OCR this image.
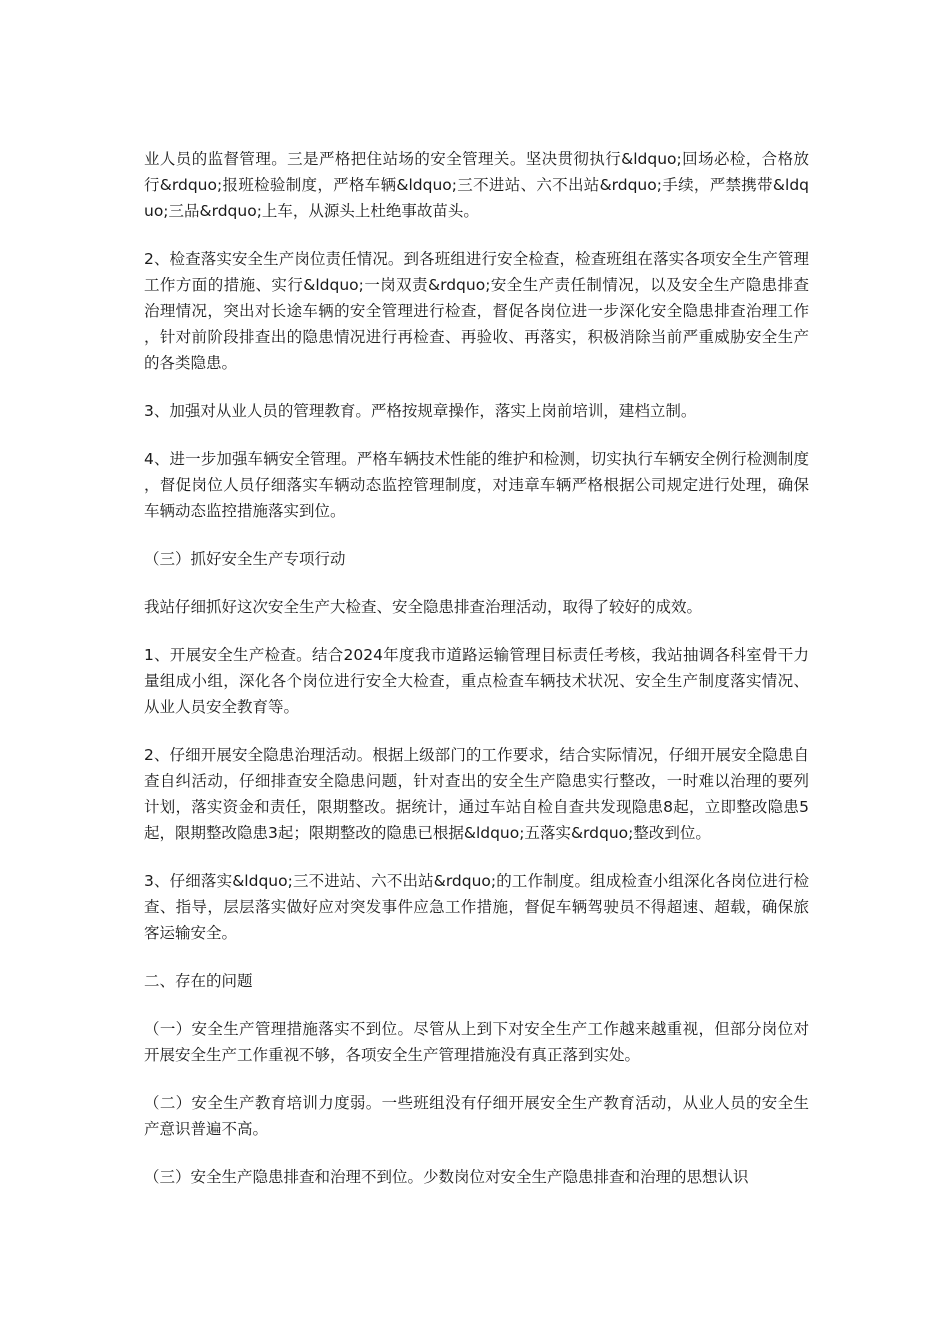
业人员的监督管理。三是严格把住站场的安全管理关。坚决贯彻执行&ldquo;回场必检，合格放行&rdquo;报班检验制度，严格车辆&ldquo;三不进站、六不出站&rdquo;手续，严禁携带&ldquo;三品&rdquo;上车，从源头上杜绝事故苗头。

2、检查落实安全生产岗位责任情况。到各班组进行安全检查，检查班组在落实各项安全生产管理工作方面的措施、实行&ldquo;一岗双责&rdquo;安全生产责任制情况，以及安全生产隐患排查治理情况，突出对长途车辆的安全管理进行检查，督促各岗位进一步深化安全隐患排查治理工作，针对前阶段排查出的隐患情况进行再检查、再验收、再落实，积极消除当前严重威胁安全生产的各类隐患。

3、加强对从业人员的管理教育。严格按规章操作，落实上岗前培训，建档立制。

4、进一步加强车辆安全管理。严格车辆技术性能的维护和检测，切实执行车辆安全例行检测制度，督促岗位人员仔细落实车辆动态监控管理制度，对违章车辆严格根据公司规定进行处理，确保车辆动态监控措施落实到位。

（三）抓好安全生产专项行动

我站仔细抓好这次安全生产大检查、安全隐患排查治理活动，取得了较好的成效。

1、开展安全生产检查。结合2024年度我市道路运输管理目标责任考核，我站抽调各科室骨干力量组成小组，深化各个岗位进行安全大检查，重点检查车辆技术状况、安全生产制度落实情况、从业人员安全教育等。

2、仔细开展安全隐患治理活动。根据上级部门的工作要求，结合实际情况，仔细开展安全隐患自查自纠活动，仔细排查安全隐患问题，针对查出的安全生产隐患实行整改，一时难以治理的要列计划，落实资金和责任，限期整改。据统计，通过车站自检自查共发现隐患8起，立即整改隐患5起，限期整改隐患3起；限期整改的隐患已根据&ldquo;五落实&rdquo;整改到位。

3、仔细落实&ldquo;三不进站、六不出站&rdquo;的工作制度。组成检查小组深化各岗位进行检查、指导，层层落实做好应对突发事件应急工作措施，督促车辆驾驶员不得超速、超载，确保旅客运输安全。

二、存在的问题

（一）安全生产管理措施落实不到位。尽管从上到下对安全生产工作越来越重视，但部分岗位对开展安全生产工作重视不够，各项安全生产管理措施没有真正落到实处。

（二）安全生产教育培训力度弱。一些班组没有仔细开展安全生产教育活动，从业人员的安全生产意识普遍不高。

（三）安全生产隐患排查和治理不到位。少数岗位对安全生产隐患排查和治理的思想认识
